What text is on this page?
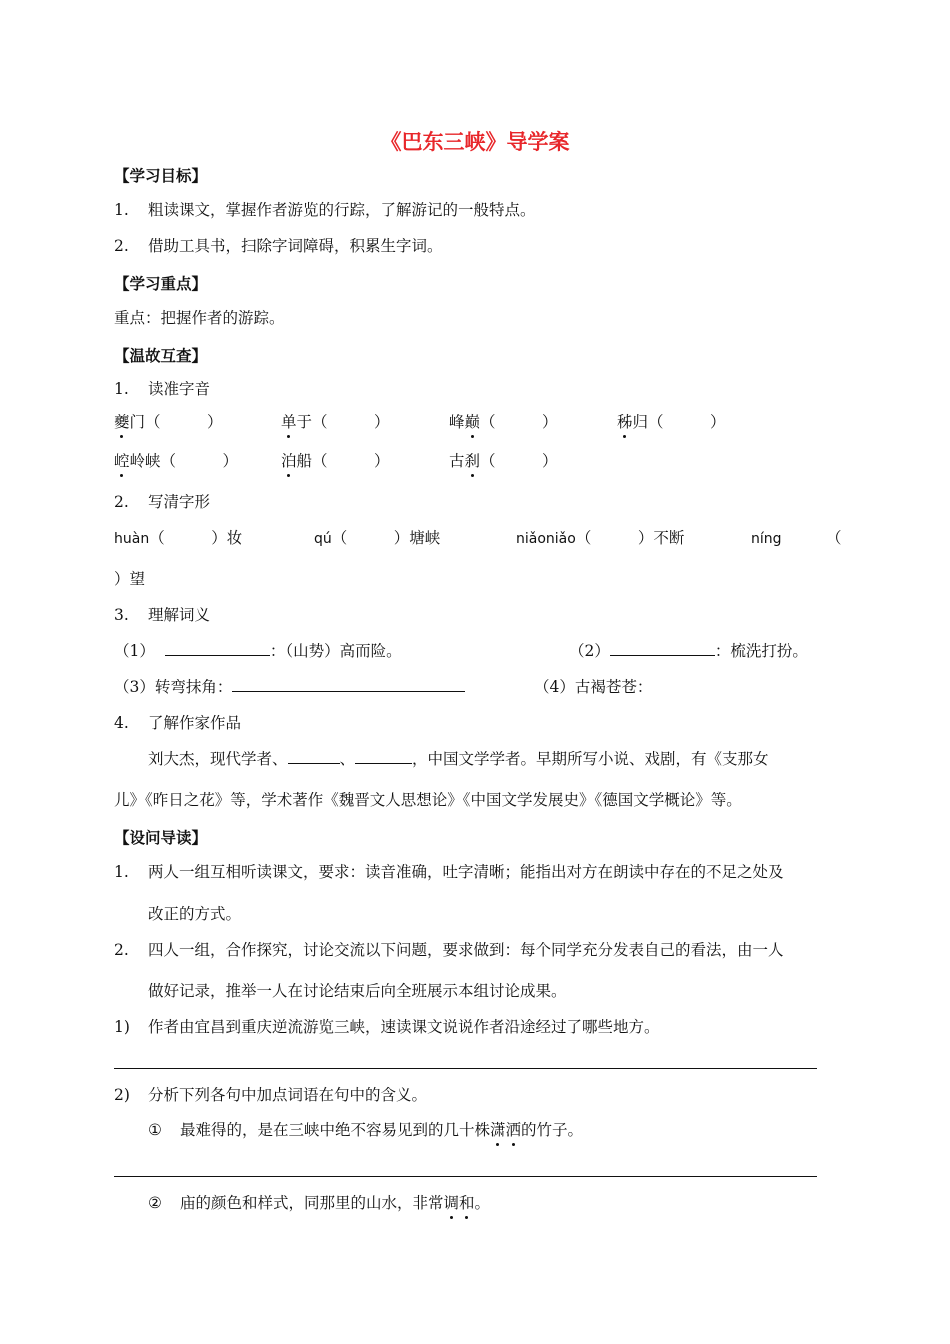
《巴东三峡》导学案
【学习目标】
1. 粗读课文，掌握作者游览的行踪，了解游记的一般特点。
2. 借助工具书，扫除字词障碍，积累生字词。
【学习重点】
重点：把握作者的游踪。
【温故互查】
1. 读准字音
夔门（　　　）	单于（　　　）	峰巅（　　　）	秭归（　　　）
崆岭峡（　　　）	泊船（　　　）	古刹（　　　）
2. 写清字形
huàn（　　　）妆	qú（　　　）塘峡	niǎoniǎo（　　　）不断	níng	（
）望
3. 理解词义
（1）	：（山势）高而险。	（2）	：梳洗打扮。
（3）转弯抹角：	（4）古褐苍苍：
4. 了解作家作品
刘大杰，现代学者、	、	，中国文学学者。早期所写小说、戏剧，有《支那女
儿》《昨日之花》等，学术著作《魏晋文人思想论》《中国文学发展史》《德国文学概论》等。
【设问导读】
1. 两人一组互相听读课文，要求：读音准确，吐字清晰；能指出对方在朗读中存在的不足之处及
改正的方式。
2. 四人一组，合作探究，讨论交流以下问题，要求做到：每个同学充分发表自己的看法，由一人
做好记录，推举一人在讨论结束后向全班展示本组讨论成果。
1) 作者由宜昌到重庆逆流游览三峡，速读课文说说作者沿途经过了哪些地方。
2) 分析下列各句中加点词语在句中的含义。
① 最难得的，是在三峡中绝不容易见到的几十株潇洒的竹子。
② 庙的颜色和样式，同那里的山水，非常调和。
